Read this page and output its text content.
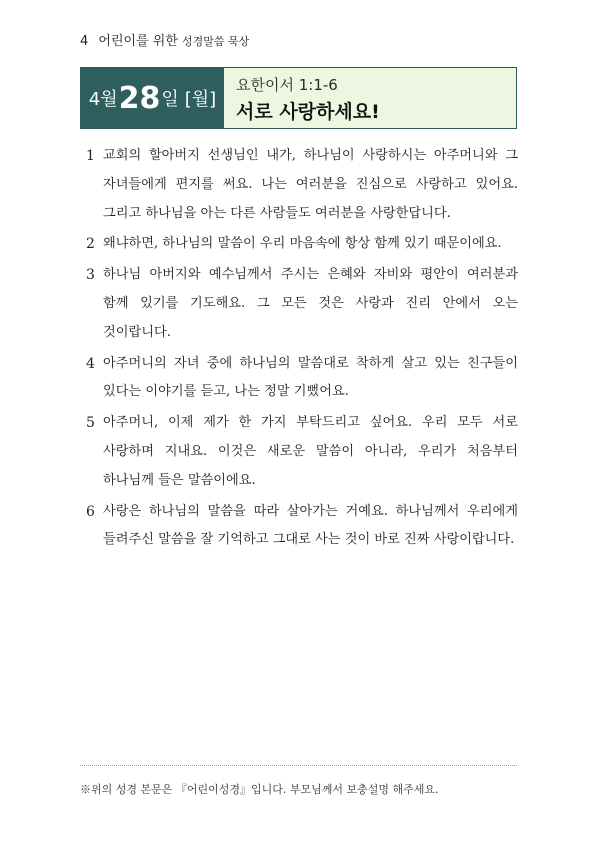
4 어린이를 위한 성경말씀 묵상
4월 28 일 [월]
요한이서 1:1-6
서로 사랑하세요!
1 교회의 할아버지 선생님인 내가, 하나님이 사랑하시는 아주머니와 그 자녀들에게 편지를 써요. 나는 여러분을 진심으로 사랑하고 있어요. 그리고 하나님을 아는 다른 사람들도 여러분을 사랑한답니다.
2 왜냐하면, 하나님의 말씀이 우리 마음속에 항상 함께 있기 때문이에요.
3 하나님 아버지와 예수님께서 주시는 은혜와 자비와 평안이 여러분과 함께 있기를 기도해요. 그 모든 것은 사랑과 진리 안에서 오는 것이랍니다.
4 아주머니의 자녀 중에 하나님의 말씀대로 착하게 살고 있는 친구들이 있다는 이야기를 듣고, 나는 정말 기뻤어요.
5 아주머니, 이제 제가 한 가지 부탁드리고 싶어요. 우리 모두 서로 사랑하며 지내요. 이것은 새로운 말씀이 아니라, 우리가 처음부터 하나님께 들은 말씀이에요.
6 사랑은 하나님의 말씀을 따라 살아가는 거예요. 하나님께서 우리에게 들려주신 말씀을 잘 기억하고 그대로 사는 것이 바로 진짜 사랑이랍니다.
※위의 성경 본문은 『어린이성경』입니다. 부모님께서 보충설명 해주세요.
